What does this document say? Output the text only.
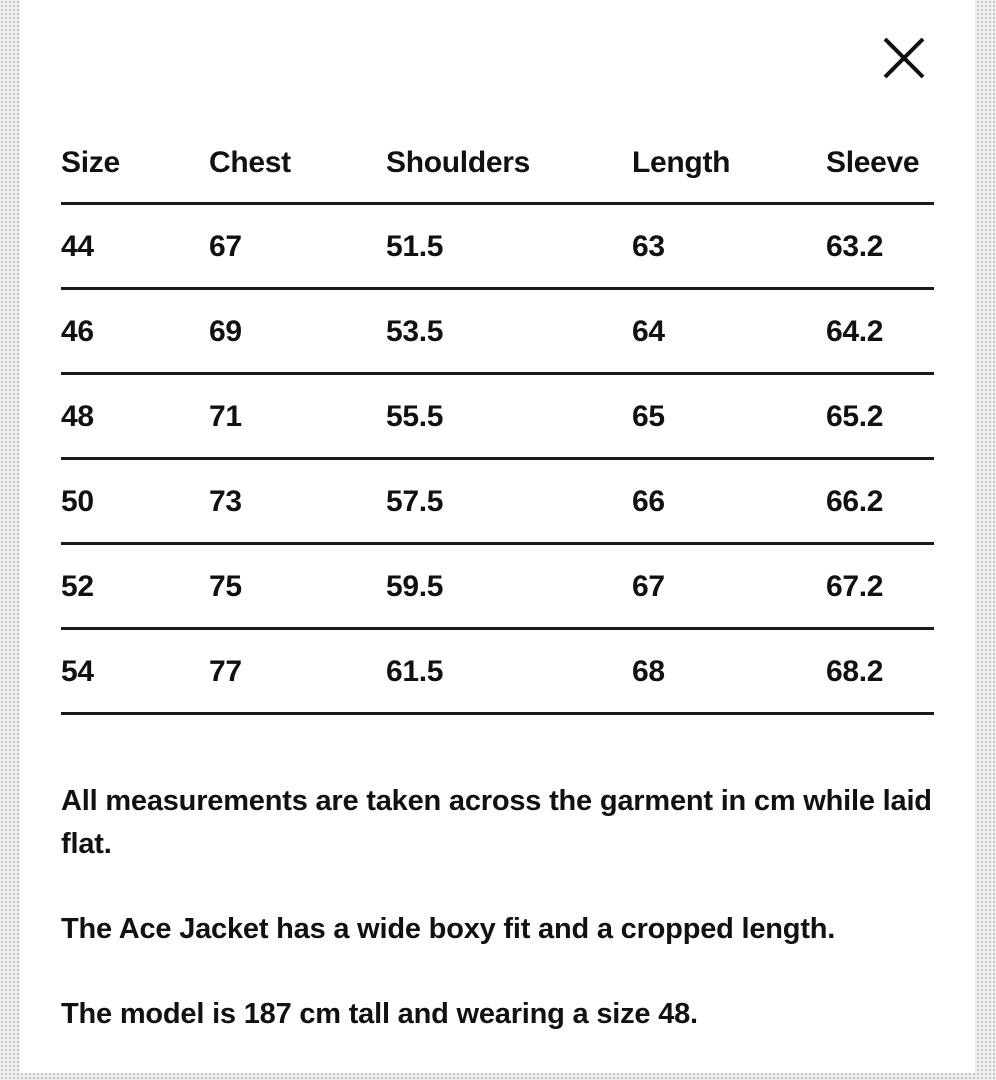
Size	Chest	Shoulders	Length	Sleeve
44	67	51.5	63	63.2
46	69	53.5	64	64.2
48	71	55.5	65	65.2
50	73	57.5	66	66.2
52	75	59.5	67	67.2
54	77	61.5	68	68.2

All measurements are taken across the garment in cm while laid flat.

The Ace Jacket has a wide boxy fit and a cropped length.

The model is 187 cm tall and wearing a size 48.
